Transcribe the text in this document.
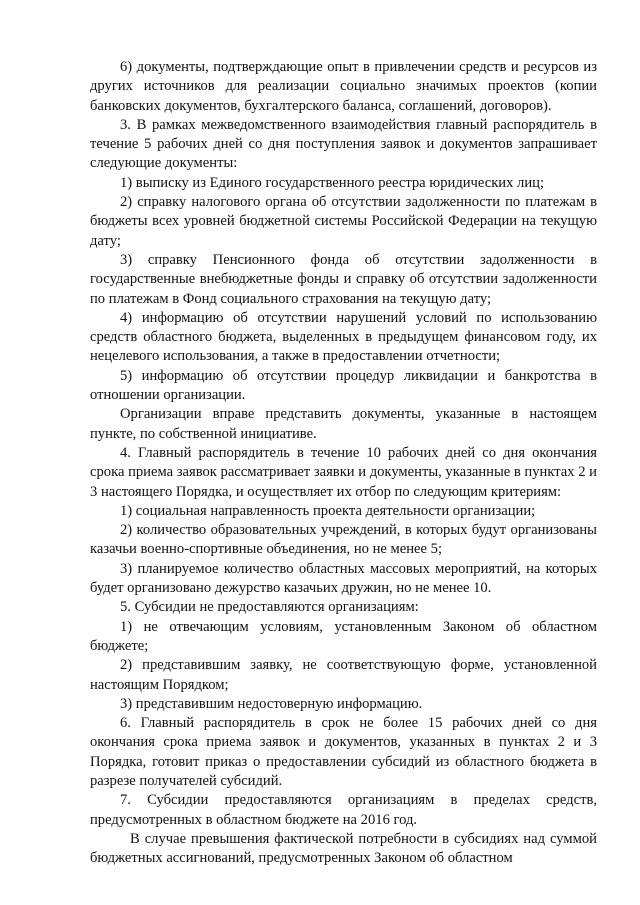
6) документы, подтверждающие опыт в привлечении средств и ресурсов из других источников для реализации социально значимых проектов (копии банковских документов, бухгалтерского баланса, соглашений, договоров).

3. В рамках межведомственного взаимодействия главный распорядитель в течение 5 рабочих дней со дня поступления заявок и документов запрашивает следующие документы:

1) выписку из Единого государственного реестра юридических лиц;

2) справку налогового органа об отсутствии задолженности по платежам в бюджеты всех уровней бюджетной системы Российской Федерации на текущую дату;

3) справку Пенсионного фонда об отсутствии задолженности в государственные внебюджетные фонды и справку об отсутствии задолженности по платежам в Фонд социального страхования на текущую дату;

4) информацию об отсутствии нарушений условий по использованию средств областного бюджета, выделенных в предыдущем финансовом году, их нецелевого использования, а также в предоставлении отчетности;

5) информацию об отсутствии процедур ликвидации и банкротства в отношении организации.

Организации вправе представить документы, указанные в настоящем пункте, по собственной инициативе.

4. Главный распорядитель в течение 10 рабочих дней со дня окончания срока приема заявок рассматривает заявки и документы, указанные в пунктах 2 и 3 настоящего Порядка, и осуществляет их отбор по следующим критериям:

1) социальная направленность проекта деятельности организации;

2) количество образовательных учреждений, в которых будут организованы казачьи военно-спортивные объединения, но не менее 5;

3) планируемое количество областных массовых мероприятий, на которых будет организовано дежурство казачьих дружин, но не менее 10.

5. Субсидии не предоставляются организациям:

1) не отвечающим условиям, установленным Законом об областном бюджете;

2) представившим заявку, не соответствующую форме, установленной настоящим Порядком;

3) представившим недостоверную информацию.

6. Главный распорядитель в срок не более 15 рабочих дней со дня окончания срока приема заявок и документов, указанных в пунктах 2 и 3 Порядка, готовит приказ о предоставлении субсидий из областного бюджета в разрезе получателей субсидий.

7. Субсидии предоставляются организациям в пределах средств, предусмотренных в областном бюджете на 2016 год.

В случае превышения фактической потребности в субсидиях над суммой бюджетных ассигнований, предусмотренных Законом об областном
